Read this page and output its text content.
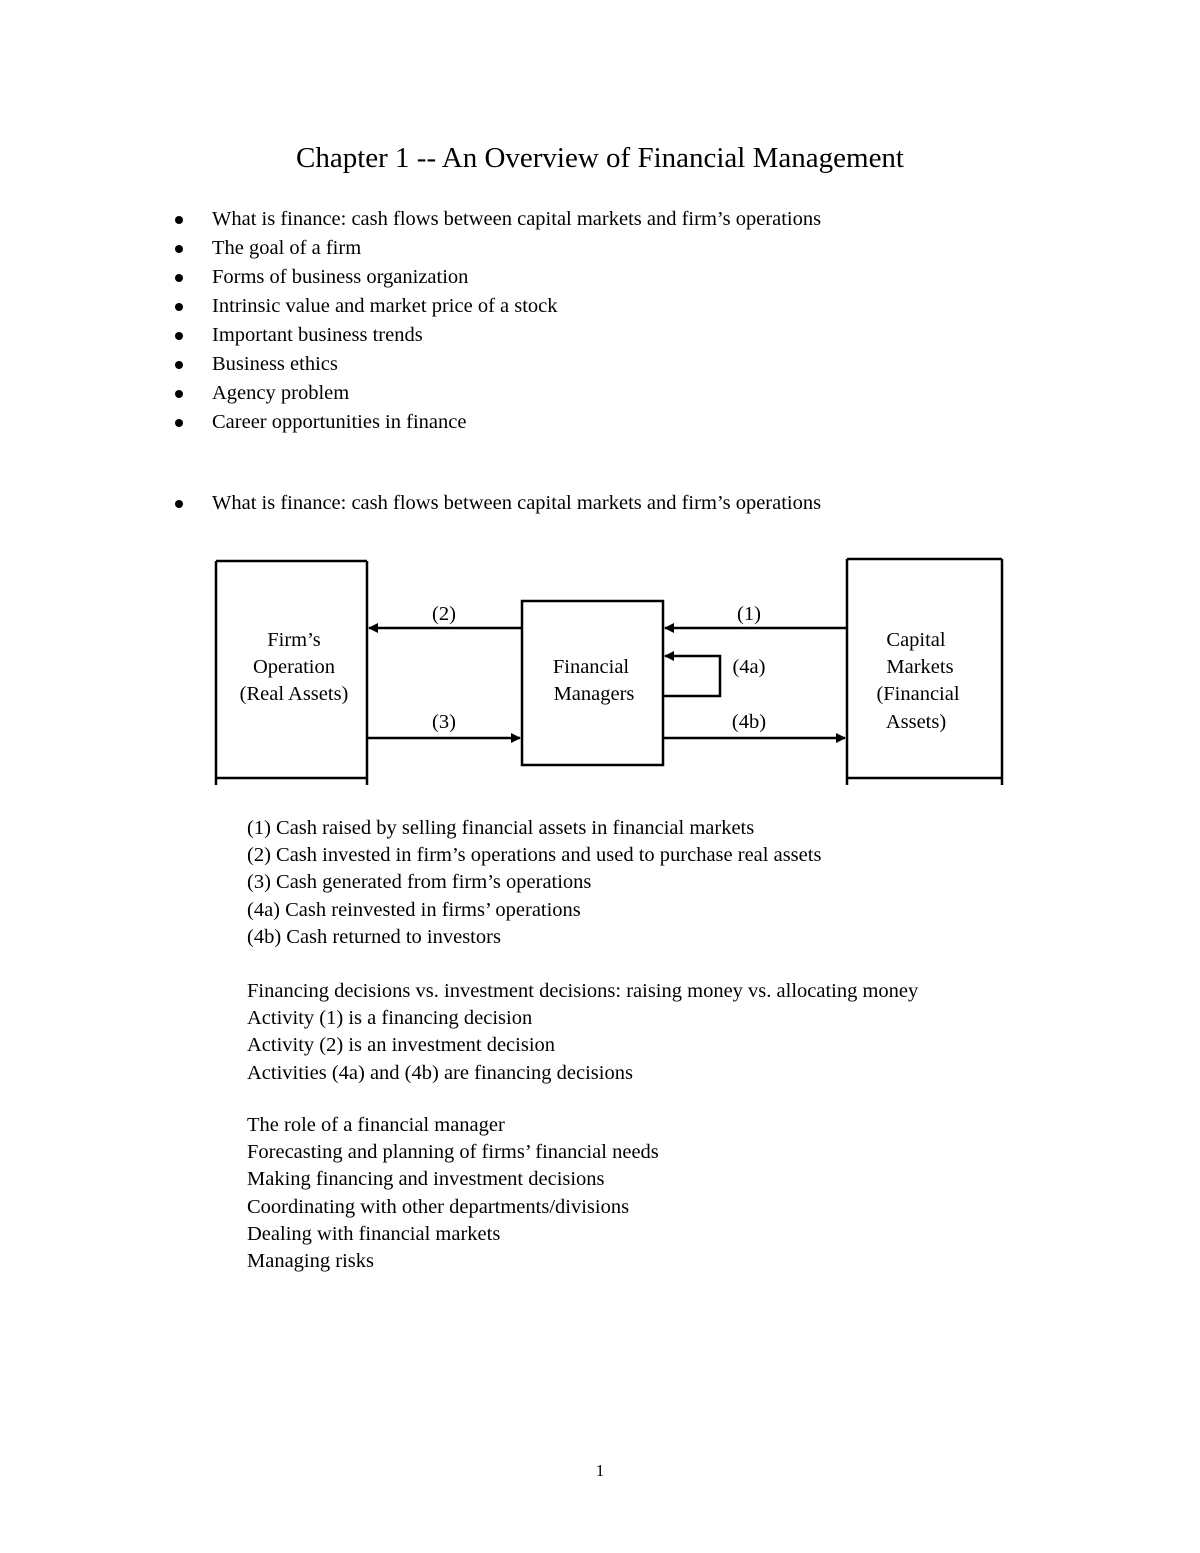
Chapter 1 -- An Overview of Financial Management
What is finance: cash flows between capital markets and firm’s operations
The goal of a firm
Forms of business organization
Intrinsic value and market price of a stock
Important business trends
Business ethics
Agency problem
Career opportunities in finance
What is finance: cash flows between capital markets and firm’s operations
Firm’s
Operation
(Real Assets)
Financial
Managers
Capital
Markets
(Financial
Assets)
(2)	(1)
(3)
(4a)
(4b)
(1) Cash raised by selling financial assets in financial markets
(2) Cash invested in firm’s operations and used to purchase real assets
(3) Cash generated from firm’s operations
(4a) Cash reinvested in firms’ operations
(4b) Cash returned to investors
Financing decisions vs. investment decisions: raising money vs. allocating money
Activity (1) is a financing decision
Activity (2) is an investment decision
Activities (4a) and (4b) are financing decisions
The role of a financial manager
Forecasting and planning of firms’ financial needs
Making financing and investment decisions
Coordinating with other departments/divisions
Dealing with financial markets
Managing risks
1
